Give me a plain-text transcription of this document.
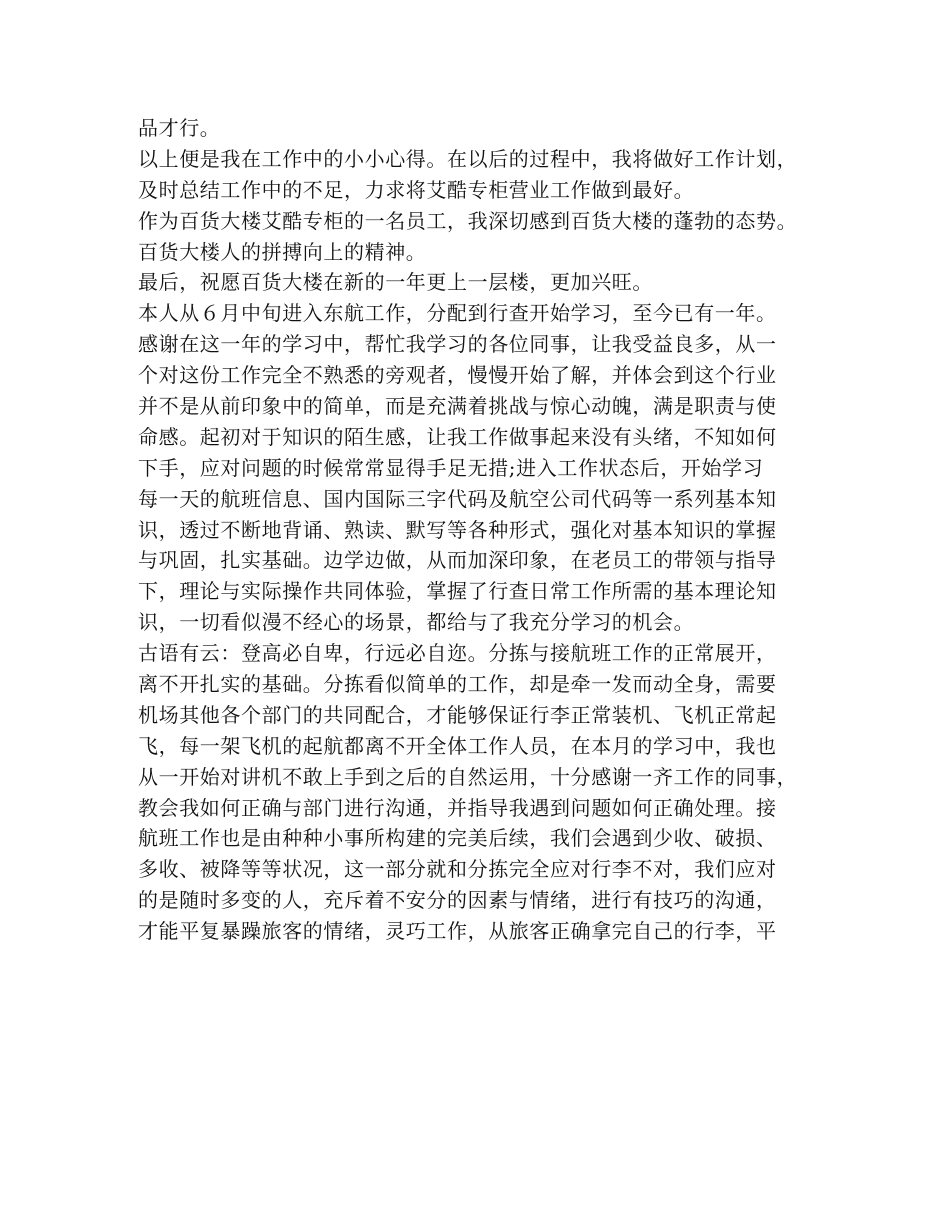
品才行。
以上便是我在工作中的小小心得。在以后的过程中，我将做好工作计划，
及时总结工作中的不足，力求将艾酷专柜营业工作做到最好。
作为百货大楼艾酷专柜的一名员工，我深切感到百货大楼的蓬勃的态势。
百货大楼人的拼搏向上的精神。
最后，祝愿百货大楼在新的一年更上一层楼，更加兴旺。
本人从６月中旬进入东航工作，分配到行查开始学习，至今已有一年。
感谢在这一年的学习中，帮忙我学习的各位同事，让我受益良多，从一
个对这份工作完全不熟悉的旁观者，慢慢开始了解，并体会到这个行业
并不是从前印象中的简单，而是充满着挑战与惊心动魄，满是职责与使
命感。起初对于知识的陌生感，让我工作做事起来没有头绪，不知如何
下手，应对问题的时候常常显得手足无措;进入工作状态后，开始学习
每一天的航班信息、国内国际三字代码及航空公司代码等一系列基本知
识，透过不断地背诵、熟读、默写等各种形式，强化对基本知识的掌握
与巩固，扎实基础。边学边做，从而加深印象，在老员工的带领与指导
下，理论与实际操作共同体验，掌握了行查日常工作所需的基本理论知
识，一切看似漫不经心的场景，都给与了我充分学习的机会。
古语有云：登高必自卑，行远必自迩。分拣与接航班工作的正常展开，
离不开扎实的基础。分拣看似简单的工作，却是牵一发而动全身，需要
机场其他各个部门的共同配合，才能够保证行李正常装机、飞机正常起
飞，每一架飞机的起航都离不开全体工作人员，在本月的学习中，我也
从一开始对讲机不敢上手到之后的自然运用，十分感谢一齐工作的同事，
教会我如何正确与部门进行沟通，并指导我遇到问题如何正确处理。接
航班工作也是由种种小事所构建的完美后续，我们会遇到少收、破损、
多收、被降等等状况，这一部分就和分拣完全应对行李不对，我们应对
的是随时多变的人，充斥着不安分的因素与情绪，进行有技巧的沟通，
才能平复暴躁旅客的情绪，灵巧工作，从旅客正确拿完自己的行李，平
